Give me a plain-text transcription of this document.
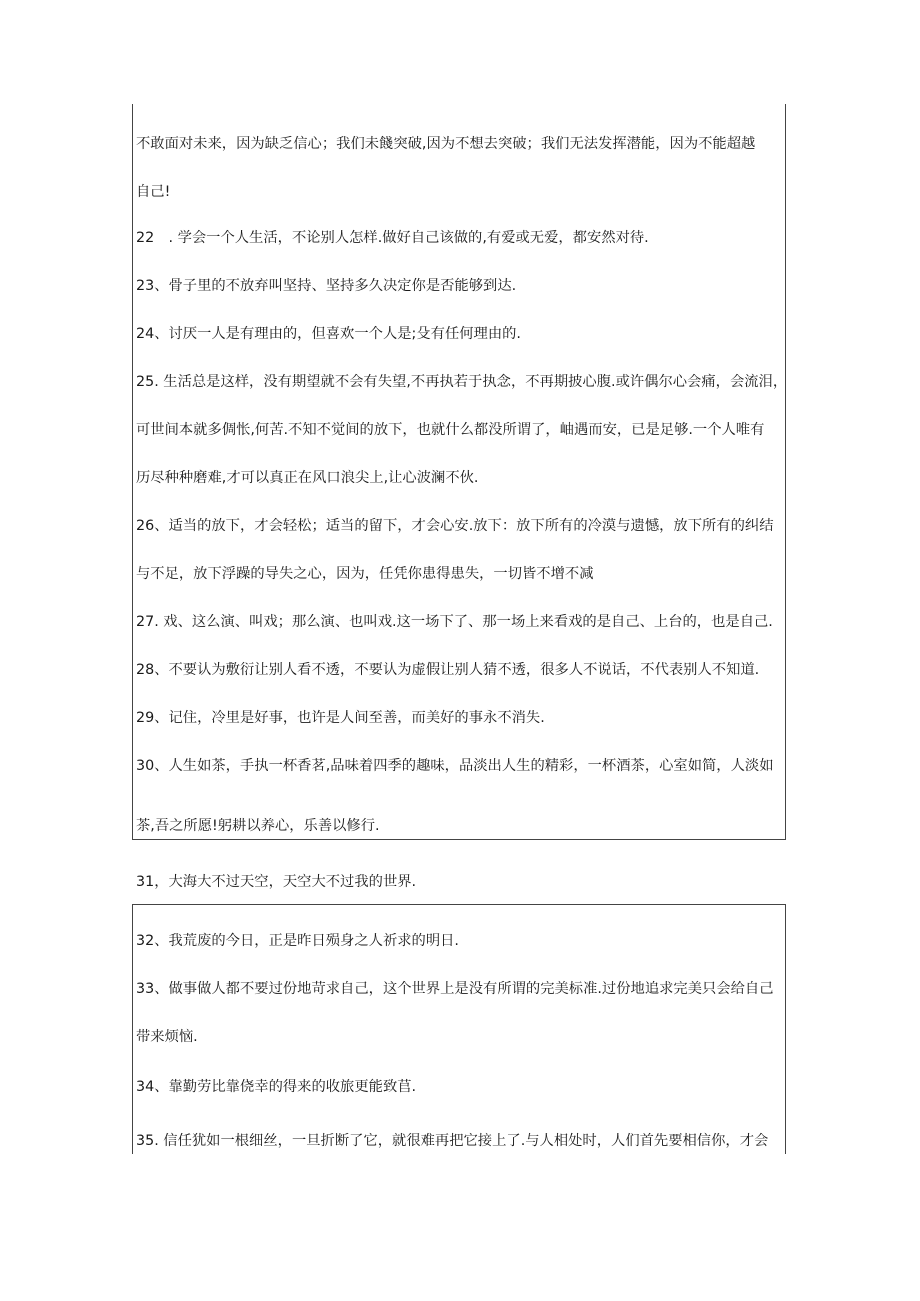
不敢面对未来，因为缺乏信心；我们未餞突破,因为不想去突破；我们无法发挥潜能，因为不能超越
自己!
22　. 学会一个人生活，不论别人怎样.做好自己该做的,有爱或无爱，都安然对待.
23、骨子里的不放弃叫坚持、坚持多久决定你是否能够到达.
24、讨厌一人是有理由的，但喜欢一个人是;殳有任何理由的.
25. 生活总是这样，没有期望就不会有失望,不再执若于执念，不再期披心腹.或许偶尔心会痛，会流泪，
可世间本就多倜怅,何苦.不知不觉间的放下，也就什么都没所谓了，岫遇而安，已是足够.一个人唯有
历尽种种磨难,才可以真正在风口浪尖上,让心波澜不伙.
26、适当的放下，才会轻松；适当的留下，才会心安.放下：放下所有的冷漠与遗憾，放下所有的纠结
与不足，放下浮躁的导失之心，因为，任凭你患得患失，一切皆不增不减
27. 戏、这么演、叫戏；那么演、也叫戏.这一场下了、那一场上来看戏的是自己、上台的，也是自己.
28、不要认为敷衍让别人看不透，不要认为虚假让别人猜不透，很多人不说话，不代表别人不知道.
29、记住，冷里是好事，也许是人间至善，而美好的事永不消失.
30、人生如茶，手执一杯香茗,品味着四季的趣味，品淡出人生的精彩，一杯酒茶，心室如简，人淡如
茶,吾之所愿!躬耕以养心，乐善以修行.
31，大海大不过天空，天空大不过我的世界.
32、我荒废的今日，正是昨日殒身之人祈求的明日.
33、做事做人都不要过份地苛求自己，这个世界上是没有所谓的完美标准.过份地追求完美只会给自己
带来烦恼.
34、靠勤劳比靠侥幸的得来的收旅更能致苢.
35. 信任犹如一根细丝，一旦折断了它，就很难再把它接上了.与人相处时，人们首先要相信你，才会
